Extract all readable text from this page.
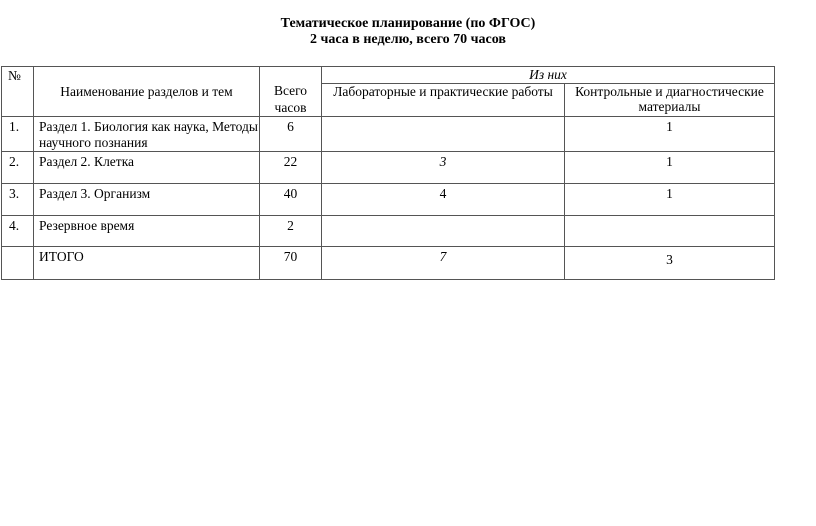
Тематическое планирование (по ФГОС)
2 часа в неделю, всего 70 часов
№	Наименование разделов и тем	Всего часов	Из них	
			Лабораторные и практические работы	Контрольные и диагностические материалы
1.	Раздел 1. Биология как наука, Методы научного познания	6		1
2.	Раздел 2. Клетка	22	3	1
3.	Раздел 3. Организм	40	4	1
4.	Резервное время	2		
	ИТОГО	70	7	3
